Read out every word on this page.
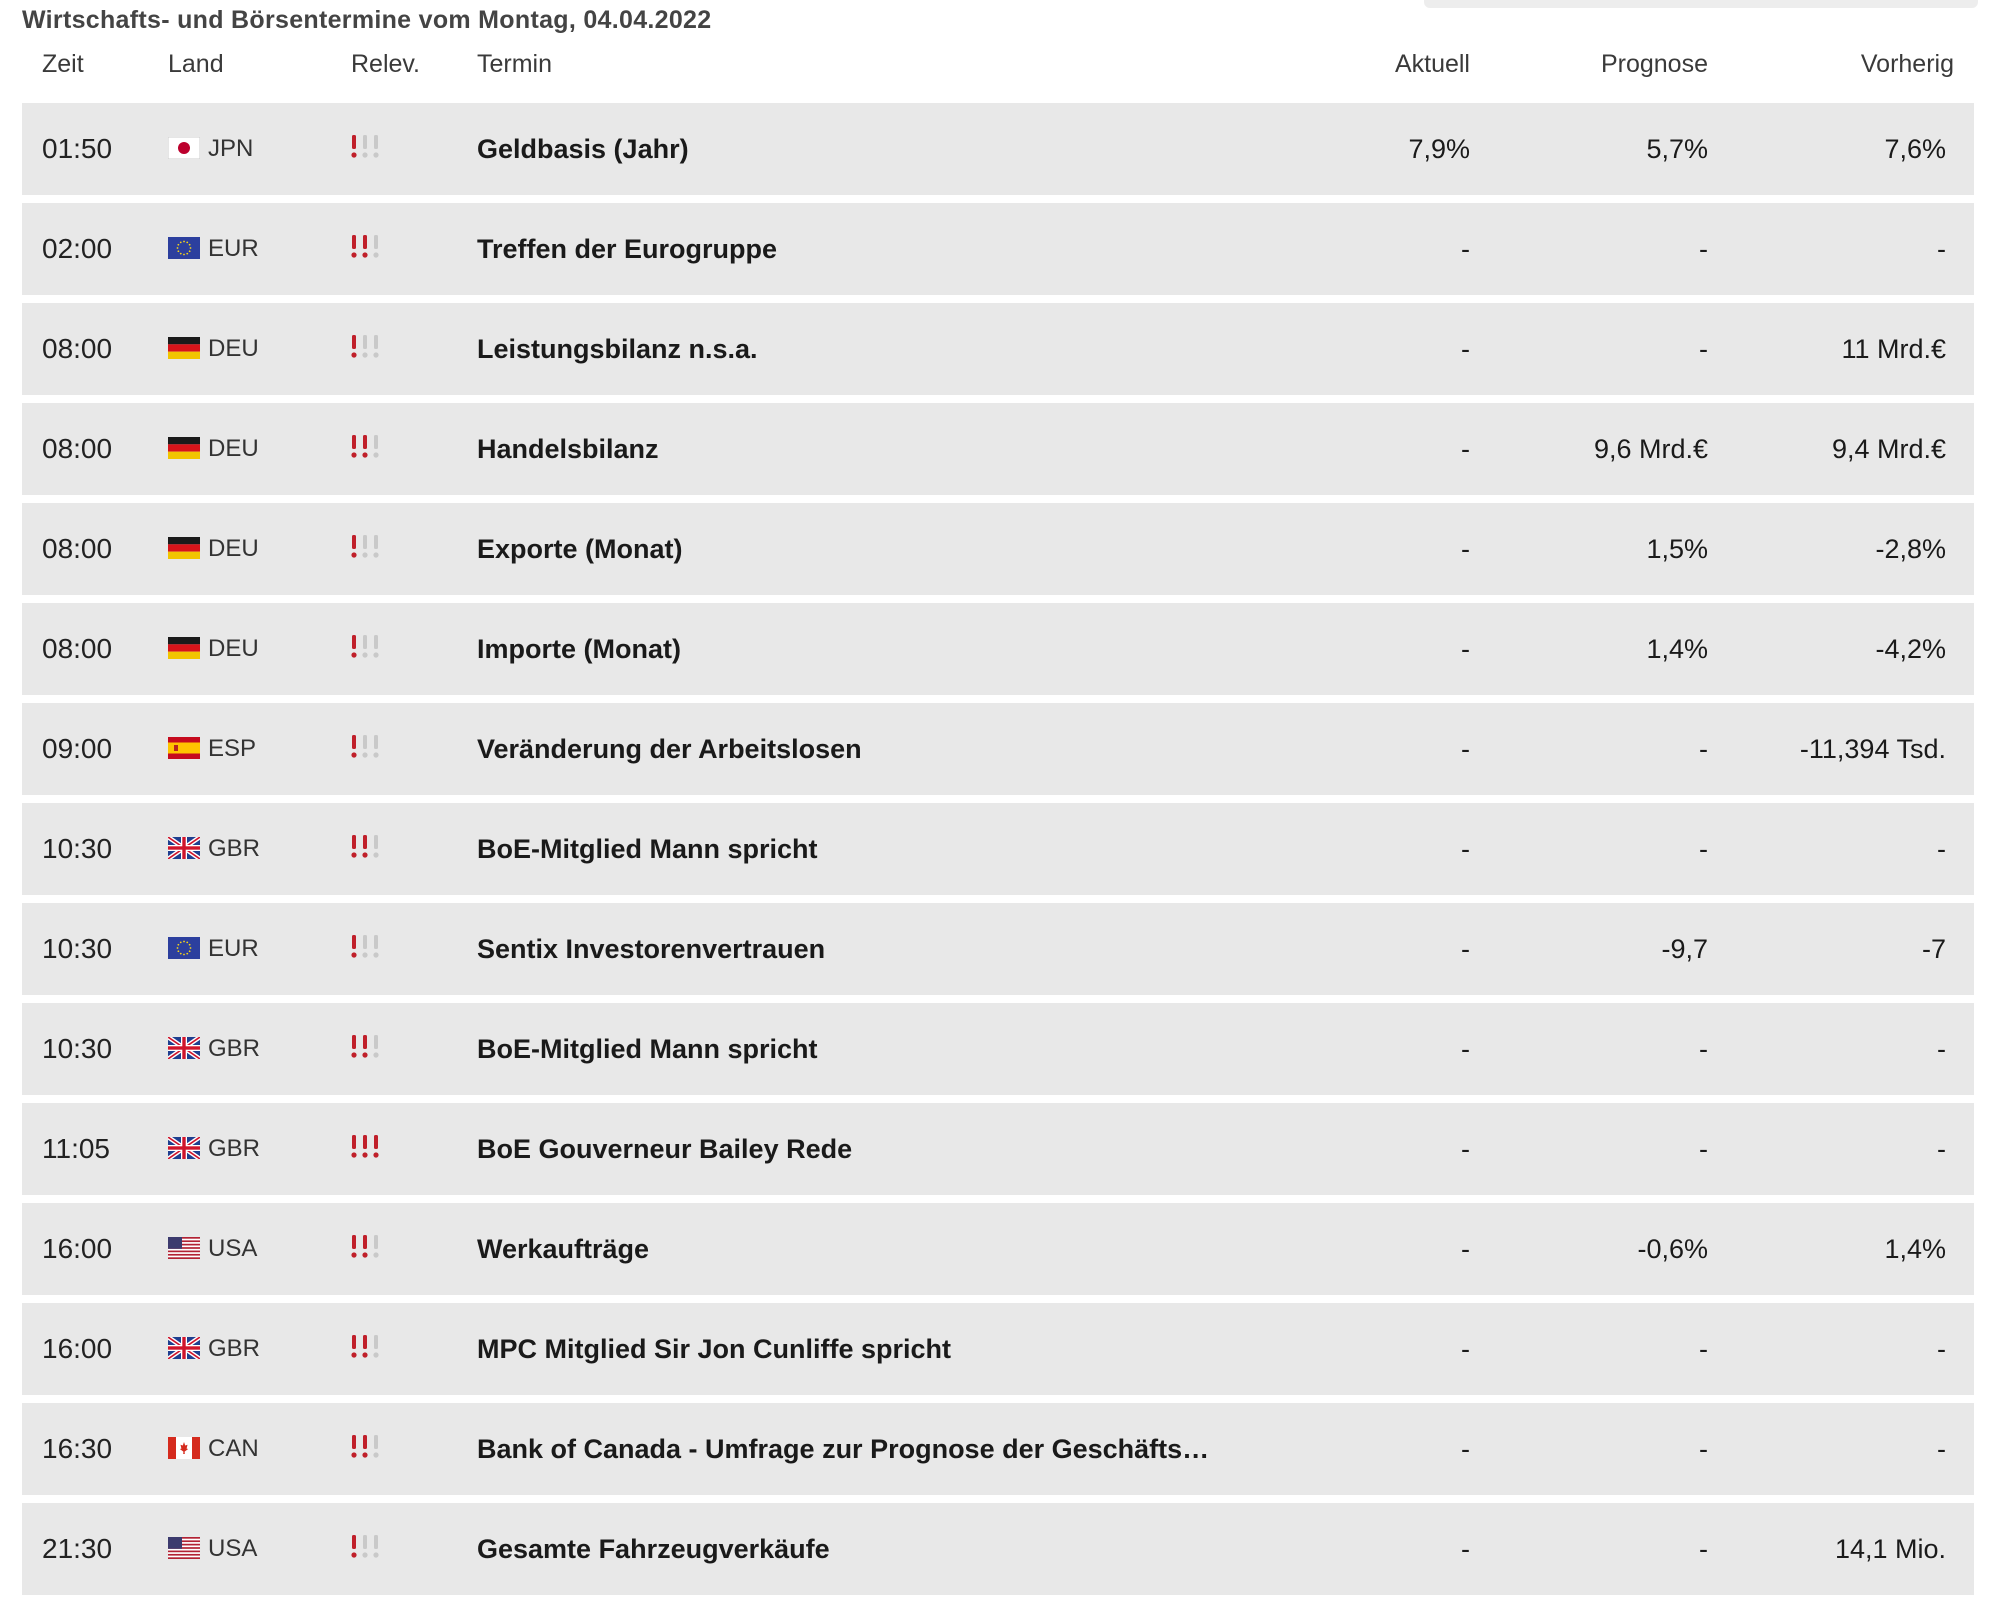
Wirtschafts- und Börsentermine vom Montag, 04.04.2022
Zeit	Land	Relev. Termin	Aktuell	Prognose	Vorherig
01:50	JPN	Geldbasis (Jahr)	7,9%	5,7%	7,6%
02:00	EUR	Treffen der Eurogruppe	-	-	-
08:00	DEU	Leistungsbilanz n.s.a.	-	-	11 Mrd.€
08:00	DEU	Handelsbilanz	-	9,6 Mrd.€	9,4 Mrd.€
08:00	DEU	Exporte (Monat)	-	1,5%	-2,8%
08:00	DEU	Importe (Monat)	-	1,4%	-4,2%
09:00	ESP	Veränderung der Arbeitslosen	-	-	-11,394 Tsd.
10:30	GBR	BoE-Mitglied Mann spricht	-	-	-
10:30	EUR	Sentix Investorenvertrauen	-	-9,7	-7
10:30	GBR	BoE-Mitglied Mann spricht	-	-	-
11:05	GBR	BoE Gouverneur Bailey Rede	-	-	-
16:00	USA	Werkaufträge	-	-0,6%	1,4%
16:00	GBR	MPC Mitglied Sir Jon Cunliffe spricht	-	-	-
16:30	CAN	Bank of Canada - Umfrage zur Prognose der Geschäfts…	-	-	-
21:30	USA	Gesamte Fahrzeugverkäufe	-	-	14,1 Mio.
